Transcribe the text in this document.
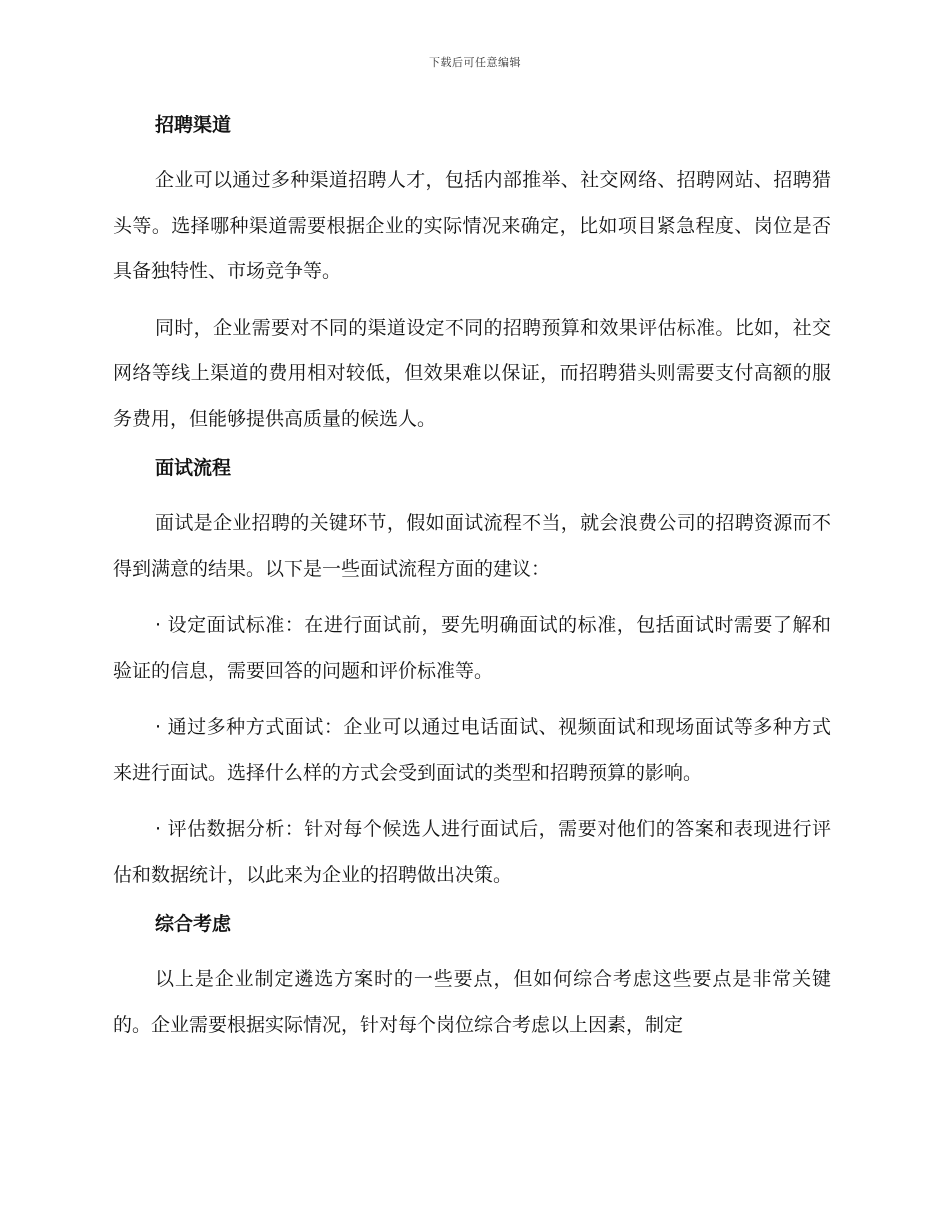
下载后可任意编辑
招聘渠道

企业可以通过多种渠道招聘人才，包括内部推举、社交网络、招聘网站、招聘猎头等。选择哪种渠道需要根据企业的实际情况来确定，比如项目紧急程度、岗位是否具备独特性、市场竞争等。

同时，企业需要对不同的渠道设定不同的招聘预算和效果评估标准。比如，社交网络等线上渠道的费用相对较低，但效果难以保证，而招聘猎头则需要支付高额的服务费用，但能够提供高质量的候选人。

面试流程

面试是企业招聘的关键环节，假如面试流程不当，就会浪费公司的招聘资源而不得到满意的结果。以下是一些面试流程方面的建议：

· 设定面试标准：在进行面试前，要先明确面试的标准，包括面试时需要了解和验证的信息，需要回答的问题和评价标准等。

· 通过多种方式面试：企业可以通过电话面试、视频面试和现场面试等多种方式来进行面试。选择什么样的方式会受到面试的类型和招聘预算的影响。

· 评估数据分析：针对每个候选人进行面试后，需要对他们的答案和表现进行评估和数据统计，以此来为企业的招聘做出决策。

综合考虑

以上是企业制定遴选方案时的一些要点，但如何综合考虑这些要点是非常关键的。企业需要根据实际情况，针对每个岗位综合考虑以上因素，制定
